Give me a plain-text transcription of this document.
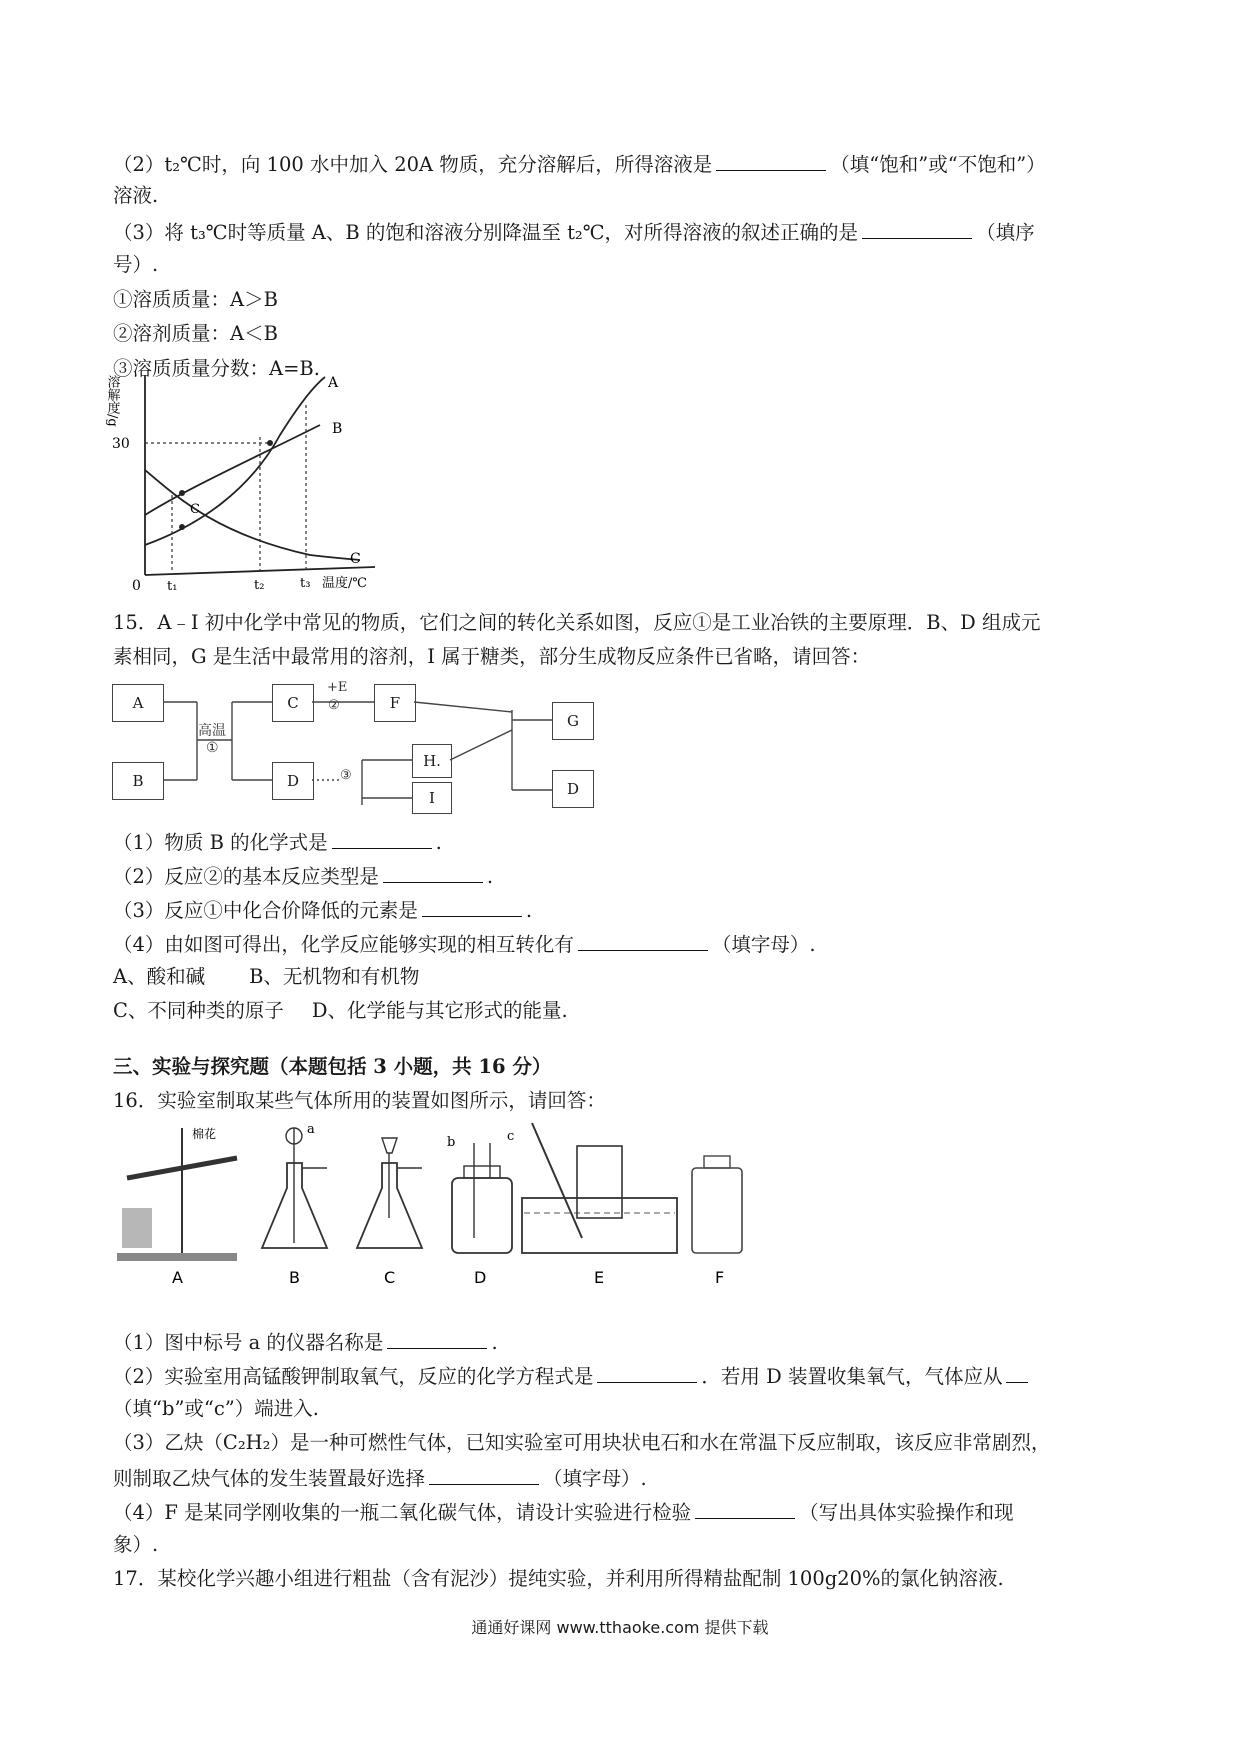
（2）t₂℃时，向 100 水中加入 20A 物质，充分溶解后，所得溶液是	（填“饱和”或“不饱和”）
溶液.
（3）将 t₃℃时等质量 A、B 的饱和溶液分别降温至 t₂℃，对所得溶液的叙述正确的是	（填序
号）.
①溶质质量：A＞B
②溶剂质量：A＜B
③溶质质量分数：A=B.
溶解度/g
30
0 t₁	t₂	t₃ 温度/℃
A
B
C
C
15．A﹣I 初中化学中常见的物质，它们之间的转化关系如图，反应①是工业冶铁的主要原理．B、D 组成元
素相同，G 是生活中最常用的溶剂，I 属于糖类，部分生成物反应条件已省略，请回答：
A
B
高温
①
C
D
+E
②	F
③
H.
I
G
D
（1）物质 B 的化学式是	.
（2）反应②的基本反应类型是	.
（3）反应①中化合价降低的元素是	.
（4）由如图可得出，化学反应能够实现的相互转化有	（填字母）.
A、酸和碱 B、无机物和有机物
C、不同种类的原子 D、化学能与其它形式的能量.
三、实验与探究题（本题包括 3 小题，共 16 分）
16．实验室制取某些气体所用的装置如图所示，请回答：
棉花	a
b	c
A	B	C	D	E	F
（1）图中标号 a 的仪器名称是	.
（2）实验室用高锰酸钾制取氧气，反应的化学方程式是	．若用 D 装置收集氧气，气体应从
（填“b”或“c”）端进入.
（3）乙炔（C₂H₂）是一种可燃性气体，已知实验室可用块状电石和水在常温下反应制取，该反应非常剧烈，
则制取乙炔气体的发生装置最好选择	（填字母）.
（4）F 是某同学刚收集的一瓶二氧化碳气体，请设计实验进行检验	（写出具体实验操作和现
象）.
17．某校化学兴趣小组进行粗盐（含有泥沙）提纯实验，并利用所得精盐配制 100g20%的氯化钠溶液.
通通好课网 www.tthaoke.com 提供下载
